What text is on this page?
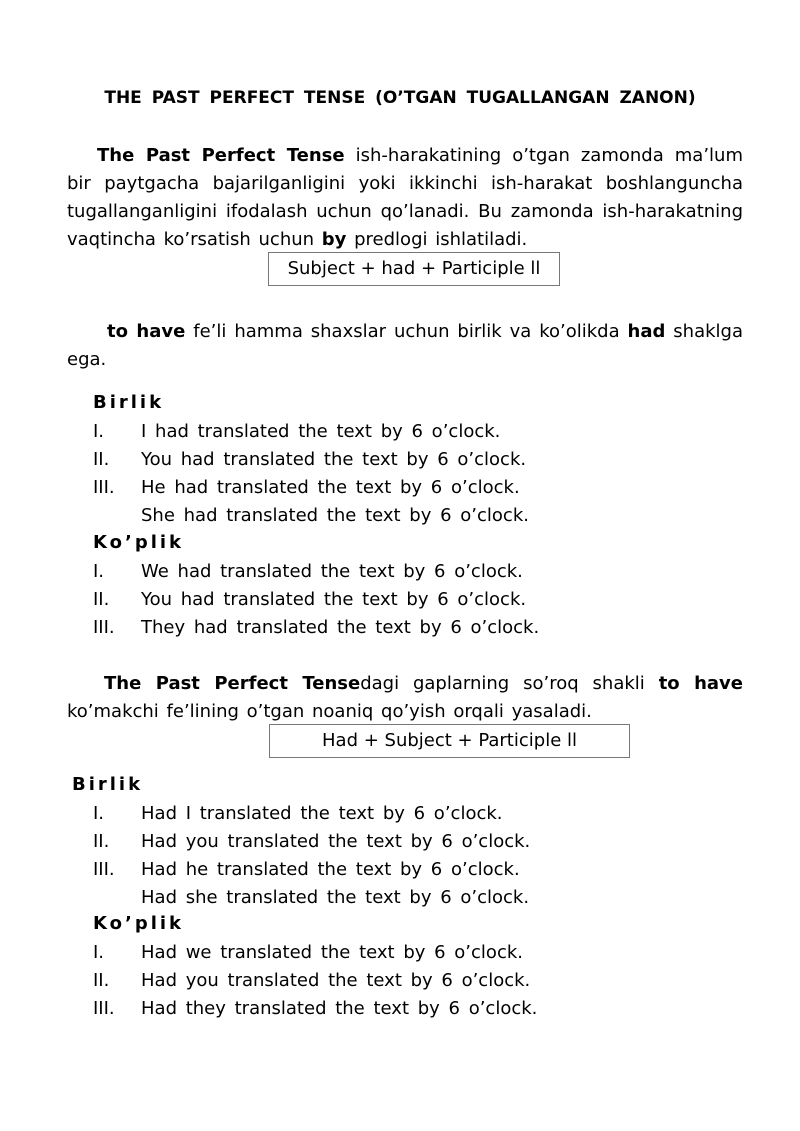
THE PAST PERFECT TENSE (O’TGAN TUGALLANGAN ZANON)
The Past Perfect Tense ish-harakatining o’tgan zamonda ma’lum bir paytgacha bajarilganligini yoki ikkinchi ish-harakat boshlanguncha tugallanganligini ifodalash uchun qo’lanadi. Bu zamonda ish-harakatning vaqtincha ko’rsatish uchun by predlogi ishlatiladi.
Subject + had + Participle ll
to have fe’li hamma shaxslar uchun birlik va ko’olikda had shaklga ega.
Birlik
I.	I had translated the text by 6 o’clock.
II.	You had translated the text by 6 o’clock.
III.	He had translated the text by 6 o’clock.
She had translated the text by 6 o’clock.
Ko’plik
I.	We had translated the text by 6 o’clock.
II.	You had translated the text by 6 o’clock.
III.	They had translated the text by 6 o’clock.
The Past Perfect Tensedagi gaplarning so’roq shakli to have ko’makchi fe’lining o’tgan noaniq qo’yish orqali yasaladi.
Had + Subject + Participle ll
Birlik
I.	Had I translated the text by 6 o’clock.
II.	Had you translated the text by 6 o’clock.
III.	Had he translated the text by 6 o’clock.
Had she translated the text by 6 o’clock.
Ko’plik
I.	Had we translated the text by 6 o’clock.
II.	Had you translated the text by 6 o’clock.
III.	Had they translated the text by 6 o’clock.
